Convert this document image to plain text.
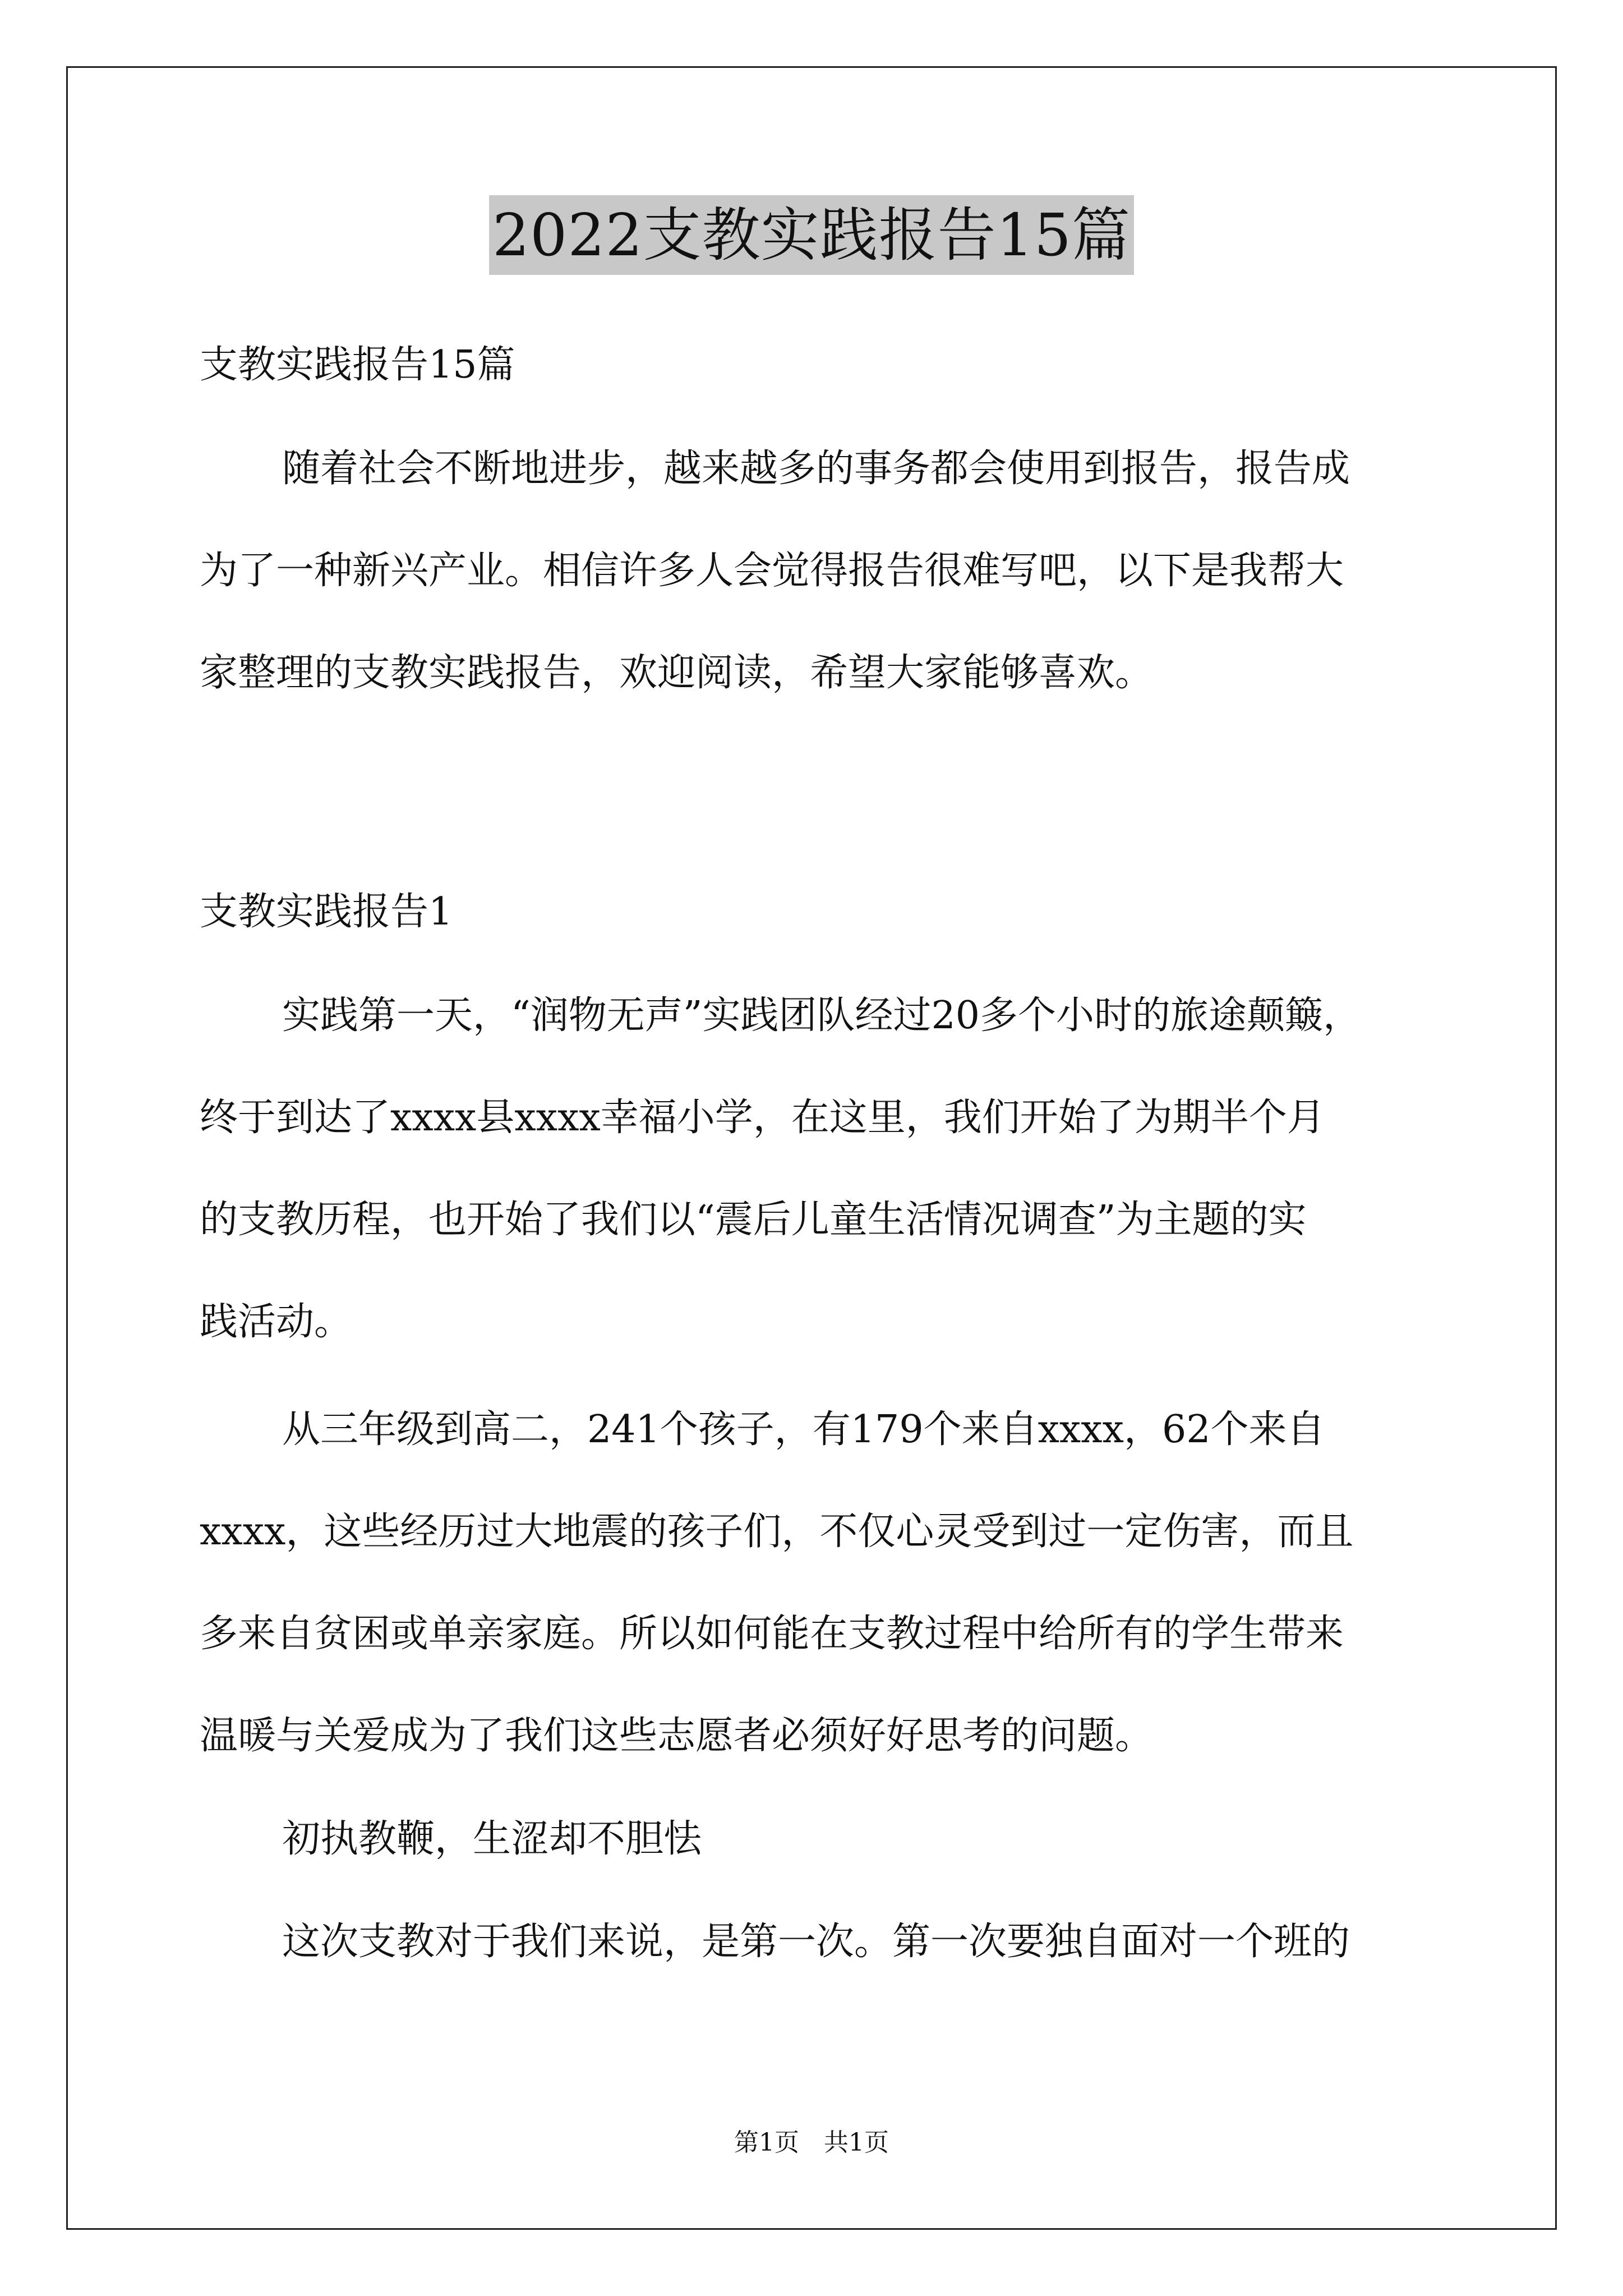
2022支教实践报告15篇

支教实践报告15篇

随着社会不断地进步，越来越多的事务都会使用到报告，报告成
为了一种新兴产业。相信许多人会觉得报告很难写吧，以下是我帮大
家整理的支教实践报告，欢迎阅读，希望大家能够喜欢。

支教实践报告1

实践第一天，“润物无声”实践团队经过20多个小时的旅途颠簸，
终于到达了xxxx县xxxx幸福小学，在这里，我们开始了为期半个月
的支教历程，也开始了我们以“震后儿童生活情况调查”为主题的实
践活动。

从三年级到高二，241个孩子，有179个来自xxxx，62个来自
xxxx，这些经历过大地震的孩子们，不仅心灵受到过一定伤害，而且
多来自贫困或单亲家庭。所以如何能在支教过程中给所有的学生带来
温暖与关爱成为了我们这些志愿者必须好好思考的问题。

初执教鞭，生涩却不胆怯

这次支教对于我们来说，是第一次。第一次要独自面对一个班的

第1页　共1页
